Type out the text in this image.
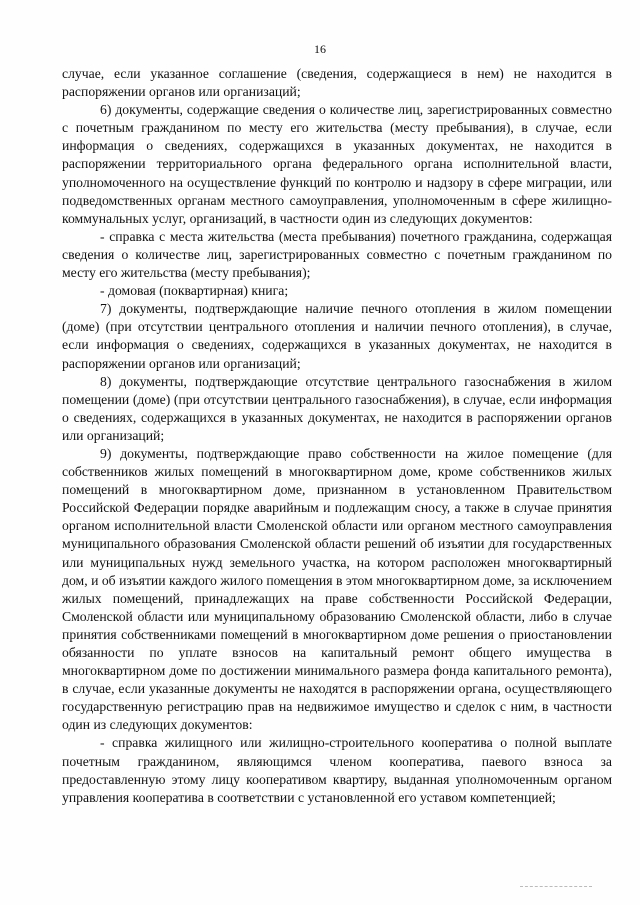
16

случае, если указанное соглашение (сведения, содержащиеся в нем) не находится в распоряжении органов или организаций;

6) документы, содержащие сведения о количестве лиц, зарегистрированных совместно с почетным гражданином по месту его жительства (месту пребывания), в случае, если информация о сведениях, содержащихся в указанных документах, не находится в распоряжении территориального органа федерального органа исполнительной власти, уполномоченного на осуществление функций по контролю и надзору в сфере миграции, или подведомственных органам местного самоуправления, уполномоченным в сфере жилищно-коммунальных услуг, организаций, в частности один из следующих документов:

- справка с места жительства (места пребывания) почетного гражданина, содержащая сведения о количестве лиц, зарегистрированных совместно с почетным гражданином по месту его жительства (месту пребывания);

- домовая (поквартирная) книга;

7) документы, подтверждающие наличие печного отопления в жилом помещении (доме) (при отсутствии центрального отопления и наличии печного отопления), в случае, если информация о сведениях, содержащихся в указанных документах, не находится в распоряжении органов или организаций;

8) документы, подтверждающие отсутствие центрального газоснабжения в жилом помещении (доме) (при отсутствии центрального газоснабжения), в случае, если информация о сведениях, содержащихся в указанных документах, не находится в распоряжении органов или организаций;

9) документы, подтверждающие право собственности на жилое помещение (для собственников жилых помещений в многоквартирном доме, кроме собственников жилых помещений в многоквартирном доме, признанном в установленном Правительством Российской Федерации порядке аварийным и подлежащим сносу, а также в случае принятия органом исполнительной власти Смоленской области или органом местного самоуправления муниципального образования Смоленской области решений об изъятии для государственных или муниципальных нужд земельного участка, на котором расположен многоквартирный дом, и об изъятии каждого жилого помещения в этом многоквартирном доме, за исключением жилых помещений, принадлежащих на праве собственности Российской Федерации, Смоленской области или муниципальному образованию Смоленской области, либо в случае принятия собственниками помещений в многоквартирном доме решения о приостановлении обязанности по уплате взносов на капитальный ремонт общего имущества в многоквартирном доме по достижении минимального размера фонда капитального ремонта), в случае, если указанные документы не находятся в распоряжении органа, осуществляющего государственную регистрацию прав на недвижимое имущество и сделок с ним, в частности один из следующих документов:

- справка жилищного или жилищно-строительного кооператива о полной выплате почетным гражданином, являющимся членом кооператива, паевого взноса за предоставленную этому лицу кооперативом квартиру, выданная уполномоченным органом управления кооператива в соответствии с установленной его уставом компетенцией;
